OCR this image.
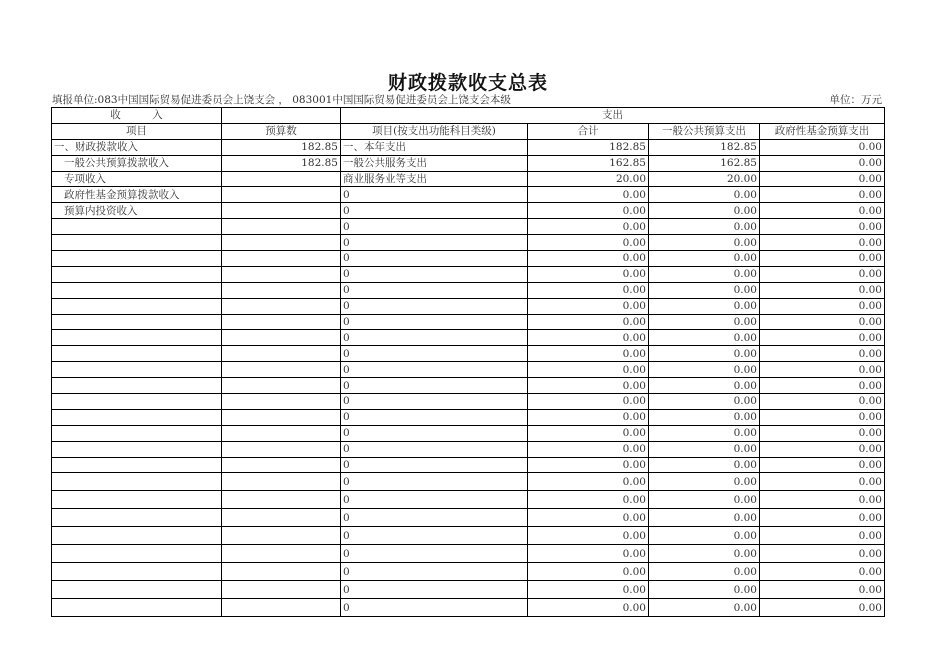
财政拨款收支总表
填报单位:083中国国际贸易促进委员会上饶支会 ， 083001中国国际贸易促进委员会上饶支会本级	单位：万元
收　　　入		支出			
项目	预算数	项目(按支出功能科目类级)	合计	一般公共预算支出	政府性基金预算支出
一、财政拨款收入	182.85	一、本年支出	182.85	182.85	0.00
一般公共预算拨款收入	182.85	一般公共服务支出	162.85	162.85	0.00
专项收入		商业服务业等支出	20.00	20.00	0.00
政府性基金预算拨款收入		0	0.00	0.00	0.00
预算内投资收入		0	0.00	0.00	0.00
		0	0.00	0.00	0.00
		0	0.00	0.00	0.00
		0	0.00	0.00	0.00
		0	0.00	0.00	0.00
		0	0.00	0.00	0.00
		0	0.00	0.00	0.00
		0	0.00	0.00	0.00
		0	0.00	0.00	0.00
		0	0.00	0.00	0.00
		0	0.00	0.00	0.00
		0	0.00	0.00	0.00
		0	0.00	0.00	0.00
		0	0.00	0.00	0.00
		0	0.00	0.00	0.00
		0	0.00	0.00	0.00
		0	0.00	0.00	0.00
		0	0.00	0.00	0.00
		0	0.00	0.00	0.00
		0	0.00	0.00	0.00
		0	0.00	0.00	0.00
		0	0.00	0.00	0.00
		0	0.00	0.00	0.00
		0	0.00	0.00	0.00
		0	0.00	0.00	0.00
